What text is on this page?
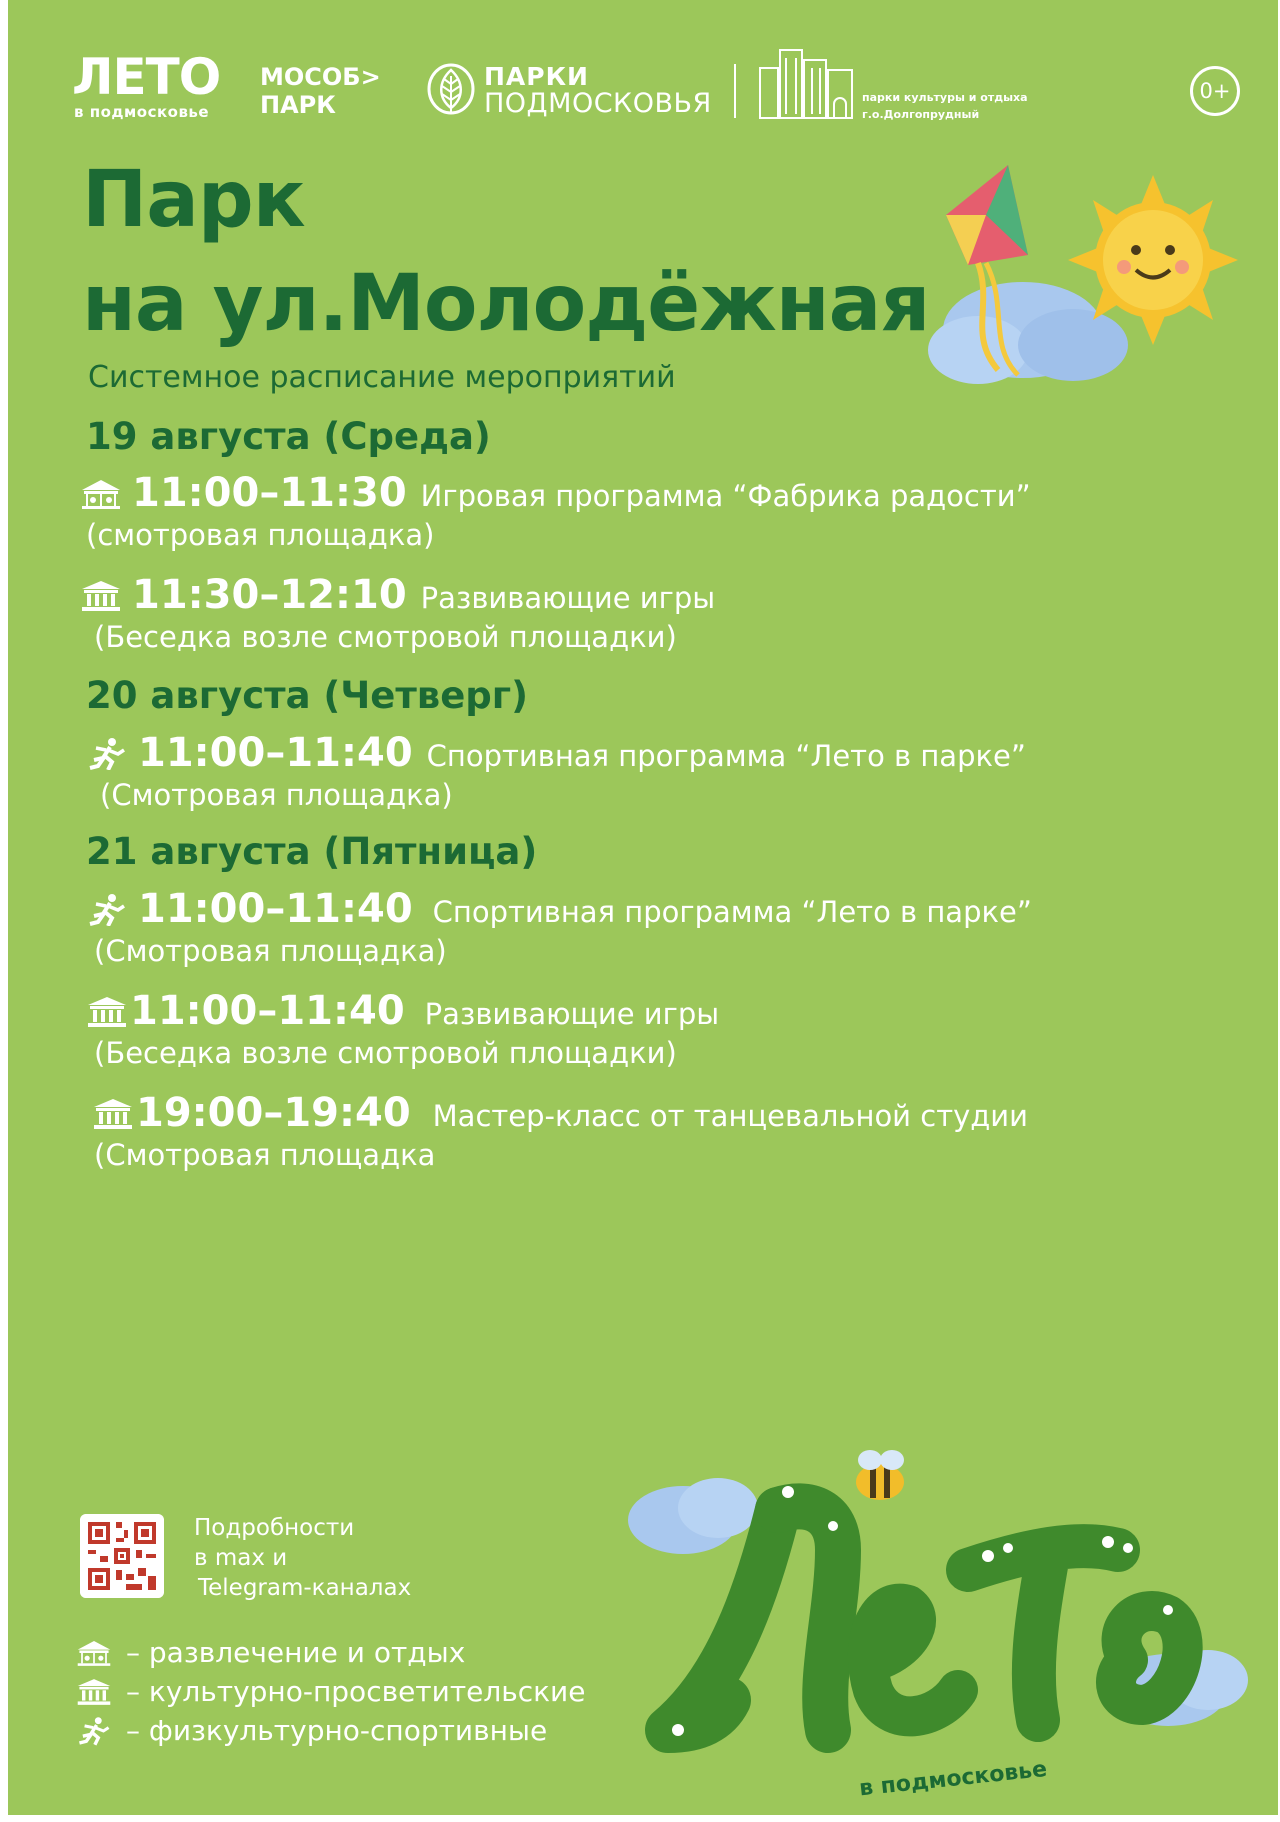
ЛЕТО
в подмосковье
МОСОБ>
ПАРК
ПАРКИ
ПОДМОСКОВЬЯ	парки культуры и отдыха
г.о.Долгопрудный
0+
Парк
на ул.Молодёжная
Системное расписание мероприятий
19 августа (Среда)
11:00–11:30 Игровая программа “Фабрика радости”
(смотровая площадка)
11:30–12:10 Развивающие игры
(Беседка возле смотровой площадки)
20 августа (Четверг)
11:00–11:40 Спортивная программа “Лето в парке”
(Смотровая площадка)
21 августа (Пятница)
11:00–11:40 Спортивная программа “Лето в парке”
(Смотровая площадка)
11:00–11:40 Развивающие игры
(Беседка возле смотровой площадки)
19:00–19:40 Мастер-класс от танцевальной студии
(Смотровая площадка
Подробности
в max и
Telegram-каналах
– развлечение и отдых
– культурно-просветительские
– физкультурно-спортивные
в подмосковье
